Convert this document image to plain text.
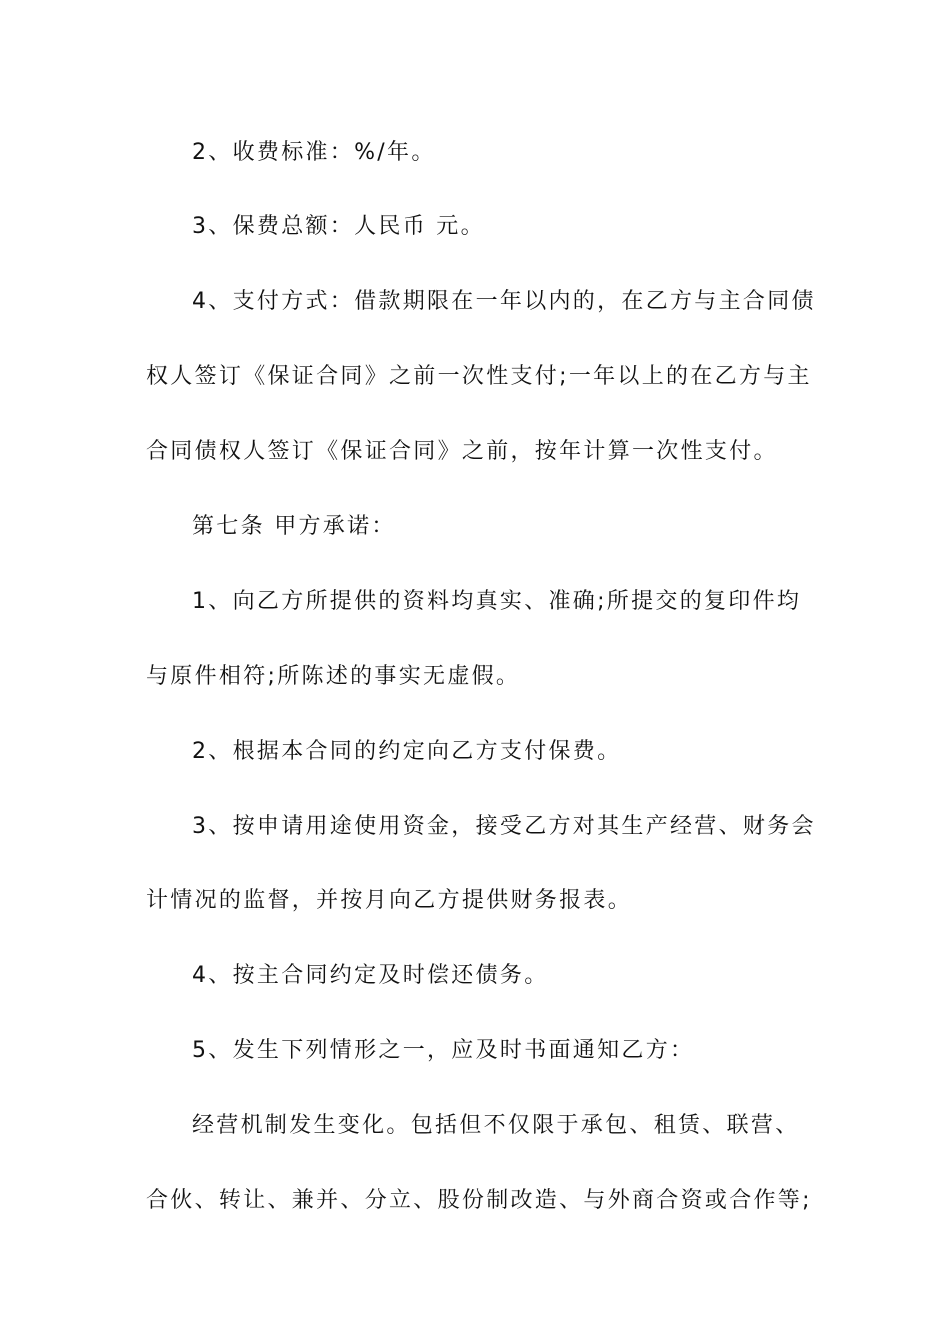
2、收费标准：%/年。
3、保费总额：人民币 元。
4、支付方式：借款期限在一年以内的，在乙方与主合同债
权人签订《保证合同》之前一次性支付;一年以上的在乙方与主
合同债权人签订《保证合同》之前，按年计算一次性支付。
第七条 甲方承诺：
1、向乙方所提供的资料均真实、准确;所提交的复印件均
与原件相符;所陈述的事实无虚假。
2、根据本合同的约定向乙方支付保费。
3、按申请用途使用资金，接受乙方对其生产经营、财务会
计情况的监督，并按月向乙方提供财务报表。
4、按主合同约定及时偿还债务。
5、发生下列情形之一，应及时书面通知乙方：
经营机制发生变化。包括但不仅限于承包、租赁、联营、
合伙、转让、兼并、分立、股份制改造、与外商合资或合作等;
